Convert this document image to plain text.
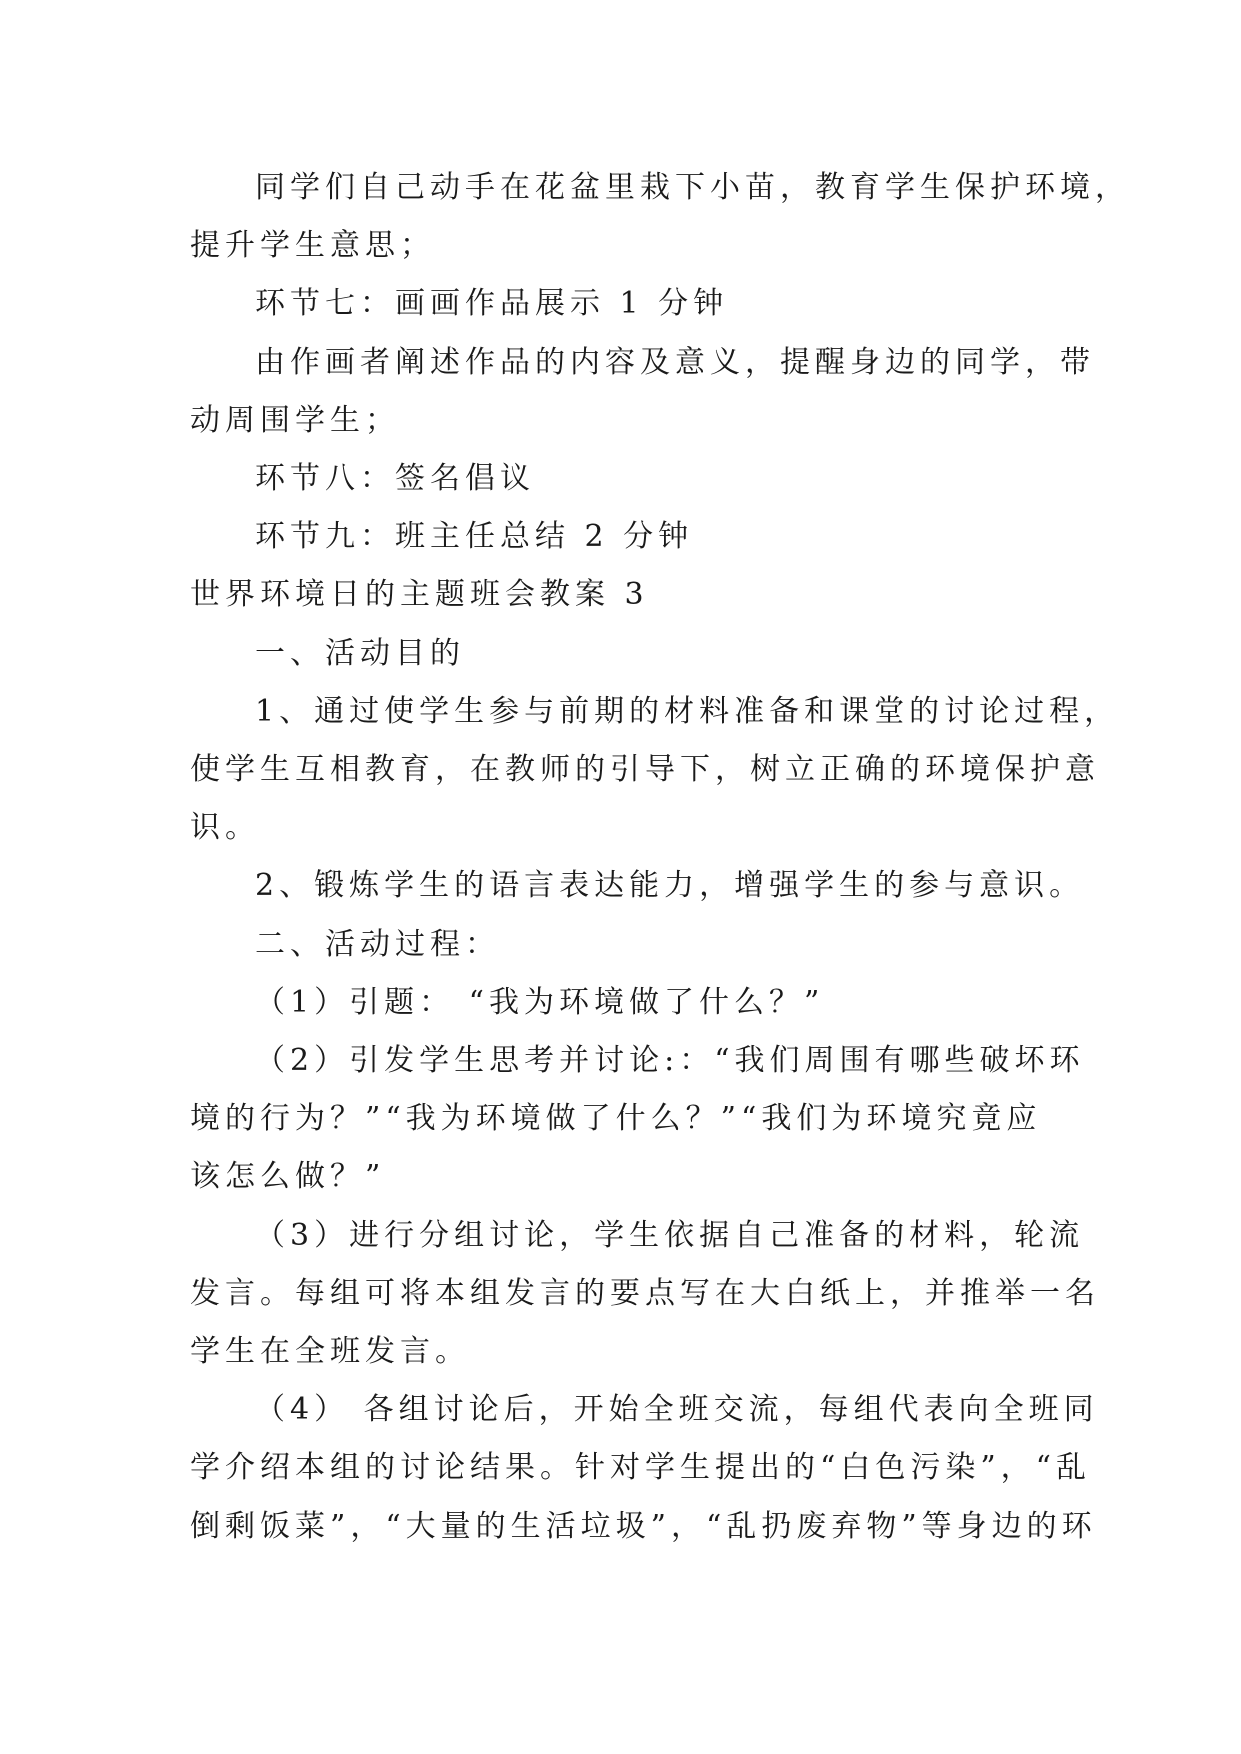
同学们自己动手在花盆里栽下小苗，教育学生保护环境，
提升学生意思；
环节七：画画作品展示 1 分钟
由作画者阐述作品的内容及意义，提醒身边的同学，带
动周围学生；
环节八：签名倡议
环节九：班主任总结 2 分钟
世界环境日的主题班会教案 3
一、活动目的
1、通过使学生参与前期的材料准备和课堂的讨论过程，
使学生互相教育，在教师的引导下，树立正确的环境保护意
识。
2、锻炼学生的语言表达能力，增强学生的参与意识。
二、活动过程：
（1）引题： “我为环境做了什么？”
（2）引发学生思考并讨论:：“我们周围有哪些破坏环
境的行为？”“我为环境做了什么？”“我们为环境究竟应
该怎么做？”
（3）进行分组讨论，学生依据自己准备的材料，轮流
发言。每组可将本组发言的要点写在大白纸上，并推举一名
学生在全班发言。
（4） 各组讨论后，开始全班交流，每组代表向全班同
学介绍本组的讨论结果。针对学生提出的“白色污染”，“乱
倒剩饭菜”，“大量的生活垃圾”，“乱扔废弃物”等身边的环
